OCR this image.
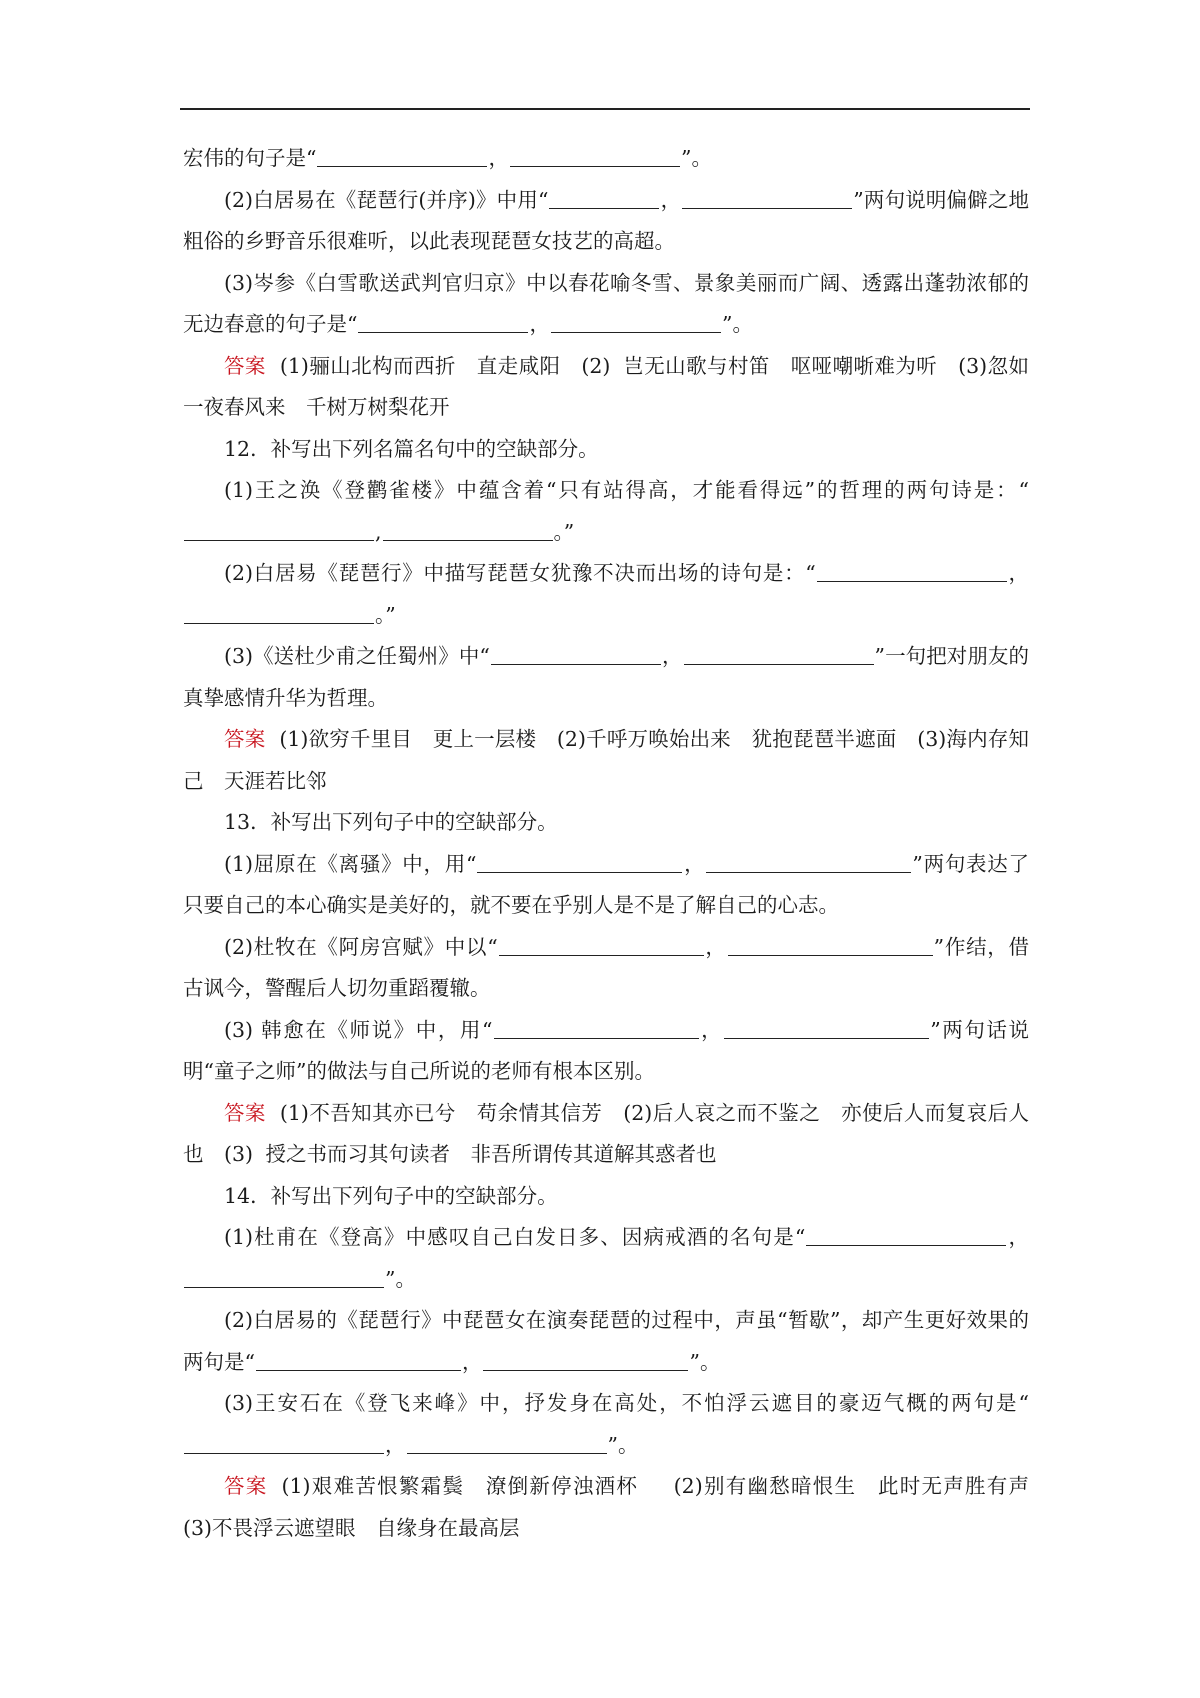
宏伟的句子是“	，	”。

(2)白居易在《琵琶行(并序)》中用“	，	”两句说明偏僻之地粗俗的乡野音乐很难听，以此表现琵琶女技艺的高超。

(3)岑参《白雪歌送武判官归京》中以春花喻冬雪、景象美丽而广阔、透露出蓬勃浓郁的无边春意的句子是“	，	”。

答案 (1)骊山北构而西折　直走咸阳　(2) 岂无山歌与村笛　呕哑嘲哳难为听　(3)忽如一夜春风来　千树万树梨花开

12．补写出下列名篇名句中的空缺部分。

(1)王之涣《登鹳雀楼》中蕴含着“只有站得高，才能看得远”的哲理的两句诗是：“,	。”

(2)白居易《琵琶行》中描写琵琶女犹豫不决而出场的诗句是：“	，。”

(3)《送杜少甫之任蜀州》中“	，	”一句把对朋友的真挚感情升华为哲理。

答案 (1)欲穷千里目　更上一层楼　(2)千呼万唤始出来　犹抱琵琶半遮面　(3)海内存知己　天涯若比邻

13．补写出下列句子中的空缺部分。

(1)屈原在《离骚》中，用“	，	”两句表达了只要自己的本心确实是美好的，就不要在乎别人是不是了解自己的心志。

(2)杜牧在《阿房宫赋》中以“	，	”作结，借古讽今，警醒后人切勿重蹈覆辙。

(3) 韩愈在《师说》中，用“	，	”两句话说明“童子之师”的做法与自己所说的老师有根本区别。

答案 (1)不吾知其亦已兮　苟余情其信芳　(2)后人哀之而不鉴之　亦使后人而复哀后人也　(3) 授之书而习其句读者　非吾所谓传其道解其惑者也

14．补写出下列句子中的空缺部分。

(1)杜甫在《登高》中感叹自己白发日多、因病戒酒的名句是“	，”。

(2)白居易的《琵琶行》中琵琶女在演奏琵琶的过程中，声虽“暂歇”，却产生更好效果的两句是“	，	”。

(3)王安石在《登飞来峰》中，抒发身在高处，不怕浮云遮目的豪迈气概的两句是“，	”。

答案 (1)艰难苦恨繁霜鬓　潦倒新停浊酒杯　 (2)别有幽愁暗恨生　此时无声胜有声　(3)不畏浮云遮望眼　自缘身在最高层
